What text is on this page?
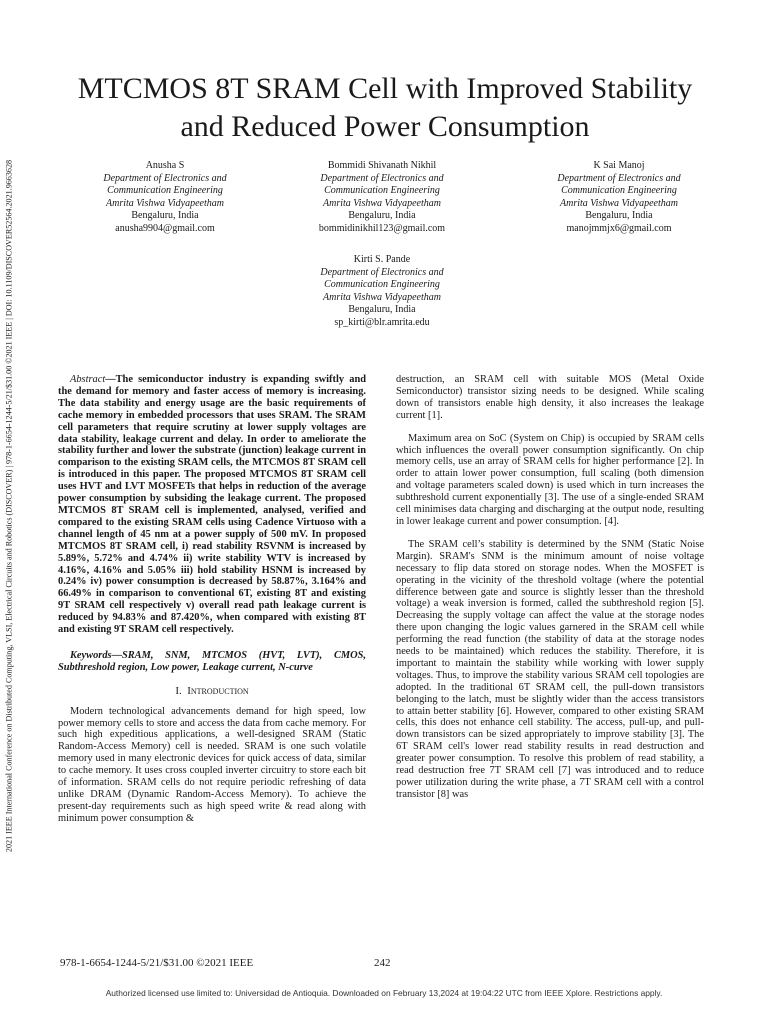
2021 IEEE International Conference on Distributed Computing, VLSI, Electrical Circuits and Robotics (DISCOVER) | 978-1-6654-1244-5/21/$31.00 ©2021 IEEE | DOI: 10.1109/DISCOVER52564.2021.9663628
MTCMOS 8T SRAM Cell with Improved Stability
and Reduced Power Consumption
Anusha S
Department of Electronics and
Communication Engineering
Amrita Vishwa Vidyapeetham
Bengaluru, India
anusha9904@gmail.com
Bommidi Shivanath Nikhil
Department of Electronics and
Communication Engineering
Amrita Vishwa Vidyapeetham
Bengaluru, India
bommidinikhil123@gmail.com
K Sai Manoj
Department of Electronics and
Communication Engineering
Amrita Vishwa Vidyapeetham
Bengaluru, India
manojmmjx6@gmail.com
Kirti S. Pande
Department of Electronics and
Communication Engineering
Amrita Vishwa Vidyapeetham
Bengaluru, India
sp_kirti@blr.amrita.edu

Abstract—The semiconductor industry is expanding swiftly and the demand for memory and faster access of memory is increasing. The data stability and energy usage are the basic requirements of cache memory in embedded processors that uses SRAM. The SRAM cell parameters that require scrutiny at lower supply voltages are data stability, leakage current and delay. In order to ameliorate the stability further and lower the substrate (junction) leakage current in comparison to the existing SRAM cells, the MTCMOS 8T SRAM cell is introduced in this paper. The proposed MTCMOS 8T SRAM cell uses HVT and LVT MOSFETs that helps in reduction of the average power consumption by subsiding the leakage current. The proposed MTCMOS 8T SRAM cell is implemented, analysed, verified and compared to the existing SRAM cells using Cadence Virtuoso with a channel length of 45 nm at a power supply of 500 mV. In proposed MTCMOS 8T SRAM cell, i) read stability RSVNM is increased by 5.89%, 5.72% and 4.74% ii) write stability WTV is increased by 4.16%, 4.16% and 5.05% iii) hold stability HSNM is increased by 0.24% iv) power consumption is decreased by 58.87%, 3.164% and 66.49% in comparison to conventional 6T, existing 8T and existing 9T SRAM cell respectively v) overall read path leakage current is reduced by 94.83% and 87.420%, when compared with existing 8T and existing 9T SRAM cell respectively.

Keywords—SRAM, SNM, MTCMOS (HVT, LVT), CMOS, Subthreshold region, Low power, Leakage current, N-curve

I. Introduction

Modern technological advancements demand for high speed, low power memory cells to store and access the data from cache memory. For such high expeditious applications, a well-designed SRAM (Static Random-Access Memory) cell is needed. SRAM is one such volatile memory used in many electronic devices for quick access of data, similar to cache memory. It uses cross coupled inverter circuitry to store each bit of information. SRAM cells do not require periodic refreshing of data unlike DRAM (Dynamic Random-Access Memory). To achieve the present-day requirements such as high speed write & read along with minimum power consumption &

destruction, an SRAM cell with suitable MOS (Metal Oxide Semiconductor) transistor sizing needs to be designed. While scaling down of transistors enable high density, it also increases the leakage current [1].

Maximum area on SoC (System on Chip) is occupied by SRAM cells which influences the overall power consumption significantly. On chip memory cells, use an array of SRAM cells for higher performance [2]. In order to attain lower power consumption, full scaling (both dimension and voltage parameters scaled down) is used which in turn increases the subthreshold current exponentially [3]. The use of a single-ended SRAM cell minimises data charging and discharging at the output node, resulting in lower leakage current and power consumption. [4].

The SRAM cell’s stability is determined by the SNM (Static Noise Margin). SRAM's SNM is the minimum amount of noise voltage necessary to flip data stored on storage nodes. When the MOSFET is operating in the vicinity of the threshold voltage (where the potential difference between gate and source is slightly lesser than the threshold voltage) a weak inversion is formed, called the subthreshold region [5]. Decreasing the supply voltage can affect the value at the storage nodes there upon changing the logic values garnered in the SRAM cell while performing the read function (the stability of data at the storage nodes needs to be maintained) which reduces the stability. Therefore, it is important to maintain the stability while working with lower supply voltages. Thus, to improve the stability various SRAM cell topologies are adopted. In the traditional 6T SRAM cell, the pull-down transistors belonging to the latch, must be slightly wider than the access transistors to attain better stability [6]. However, compared to other existing SRAM cells, this does not enhance cell stability. The access, pull-up, and pull-down transistors can be sized appropriately to improve stability [3]. The 6T SRAM cell's lower read stability results in read destruction and greater power consumption. To resolve this problem of read stability, a read destruction free 7T SRAM cell [7] was introduced and to reduce power utilization during the write phase, a 7T SRAM cell with a control transistor [8] was

978-1-6654-1244-5/21/$31.00 ©2021 IEEE	242
Authorized licensed use limited to: Universidad de Antioquia. Downloaded on February 13,2024 at 19:04:22 UTC from IEEE Xplore. Restrictions apply.
